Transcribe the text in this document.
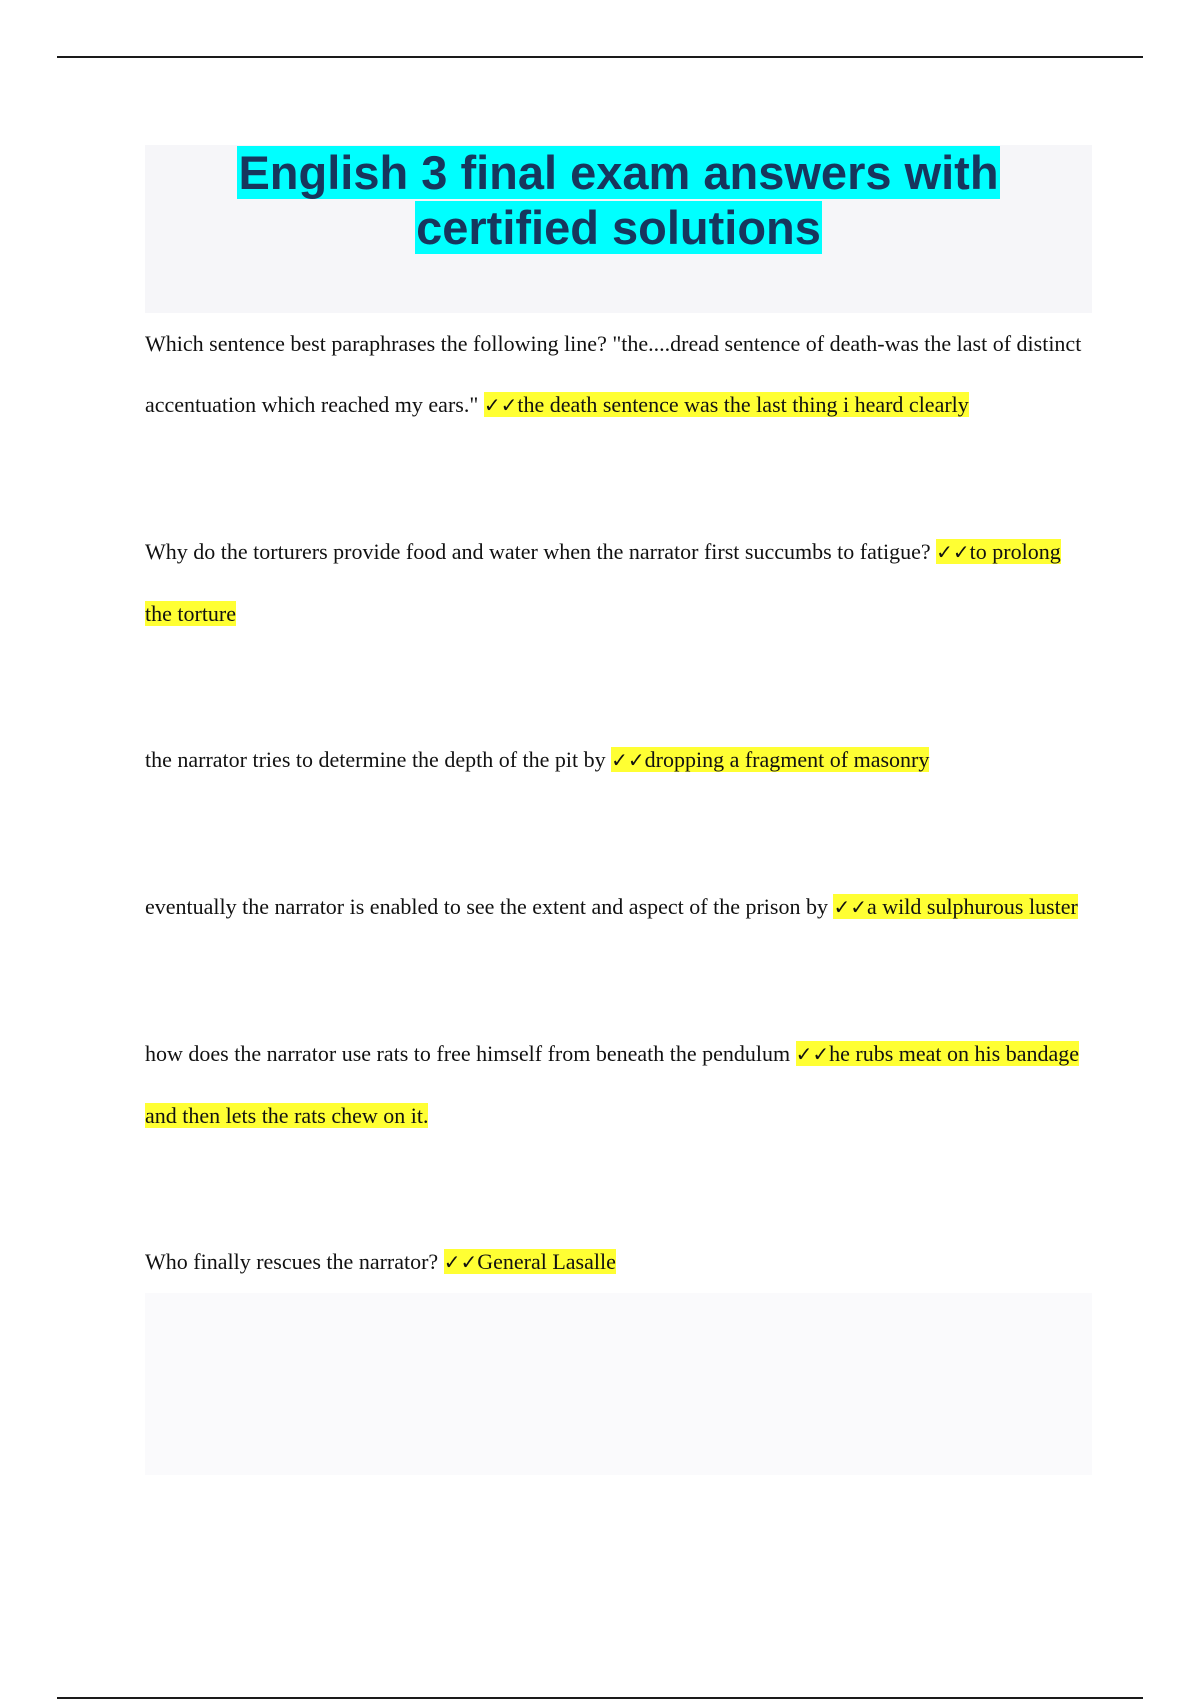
English 3 final exam answers with
certified solutions

Which sentence best paraphrases the following line? "the....dread sentence of death-was the last of distinct accentuation which reached my ears." ✓✓the death sentence was the last thing i heard clearly

Why do the torturers provide food and water when the narrator first succumbs to fatigue? ✓✓to prolong the torture

the narrator tries to determine the depth of the pit by ✓✓dropping a fragment of masonry

eventually the narrator is enabled to see the extent and aspect of the prison by ✓✓a wild sulphurous luster

how does the narrator use rats to free himself from beneath the pendulum ✓✓he rubs meat on his bandage and then lets the rats chew on it.

Who finally rescues the narrator? ✓✓General Lasalle
